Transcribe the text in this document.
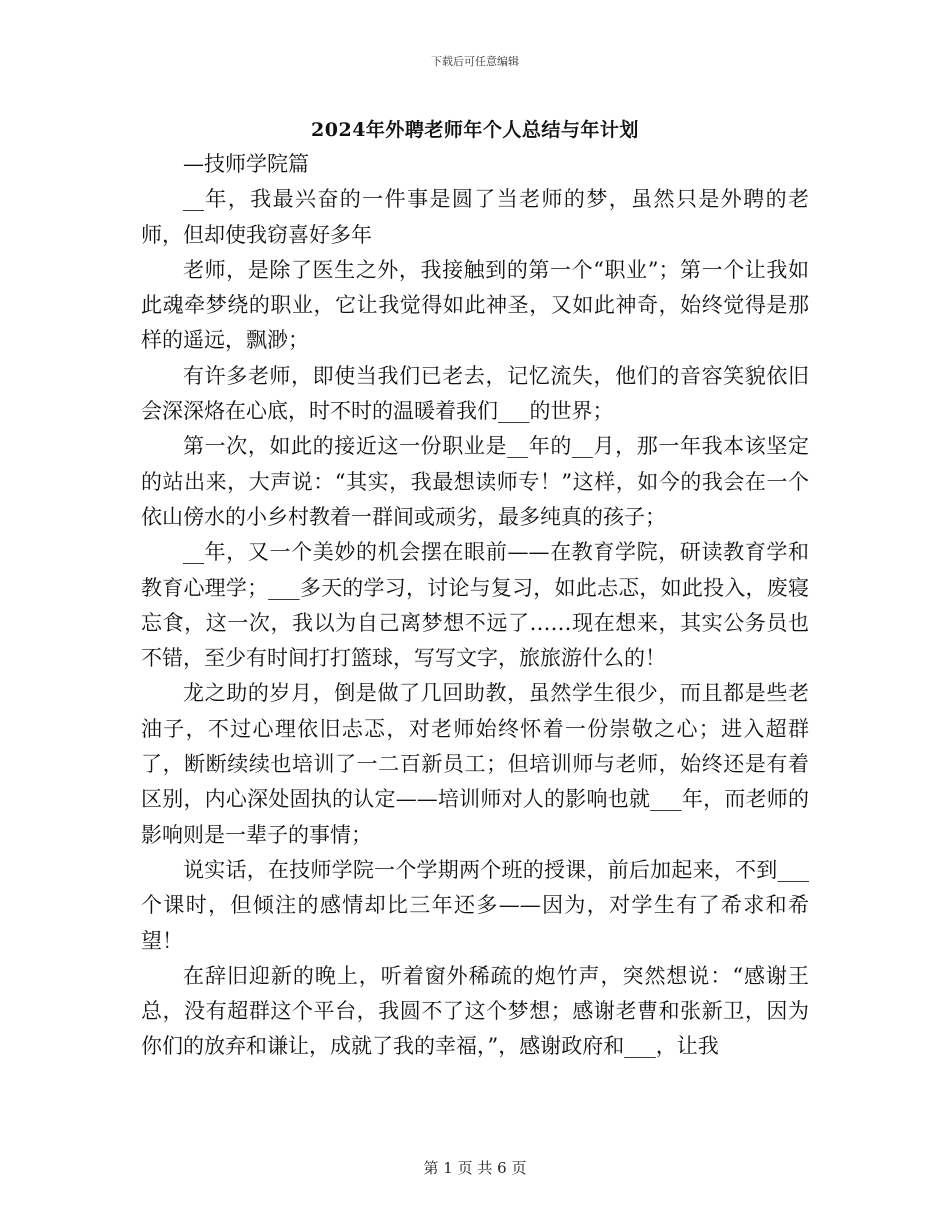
下载后可任意编辑
2024年外聘老师年个人总结与年计划

—技师学院篇

__年，我最兴奋的一件事是圆了当老师的梦，虽然只是外聘的老师，但却使我窃喜好多年

老师，是除了医生之外，我接触到的第一个“职业”；第一个让我如此魂牵梦绕的职业，它让我觉得如此神圣，又如此神奇，始终觉得是那样的遥远，飘渺；

有许多老师，即使当我们已老去，记忆流失，他们的音容笑貌依旧会深深烙在心底，时不时的温暖着我们___的世界；

第一次，如此的接近这一份职业是__年的__月，那一年我本该坚定的站出来，大声说：“其实，我最想读师专！”这样，如今的我会在一个依山傍水的小乡村教着一群间或顽劣，最多纯真的孩子；

__年，又一个美妙的机会摆在眼前——在教育学院，研读教育学和教育心理学；___多天的学习，讨论与复习，如此忐忑，如此投入，废寝忘食，这一次，我以为自己离梦想不远了……现在想来，其实公务员也不错，至少有时间打打篮球，写写文字，旅旅游什么的！

龙之助的岁月，倒是做了几回助教，虽然学生很少，而且都是些老油子，不过心理依旧忐忑，对老师始终怀着一份崇敬之心；进入超群了，断断续续也培训了一二百新员工；但培训师与老师，始终还是有着区别，内心深处固执的认定——培训师对人的影响也就___年，而老师的影响则是一辈子的事情；

说实话，在技师学院一个学期两个班的授课，前后加起来，不到___个课时，但倾注的感情却比三年还多——因为，对学生有了希求和希望！

在辞旧迎新的晚上，听着窗外稀疏的炮竹声，突然想说：“感谢王总，没有超群这个平台，我圆不了这个梦想；感谢老曹和张新卫，因为你们的放弃和谦让，成就了我的幸福，”，感谢政府和___，让我

第 1 页 共 6 页
